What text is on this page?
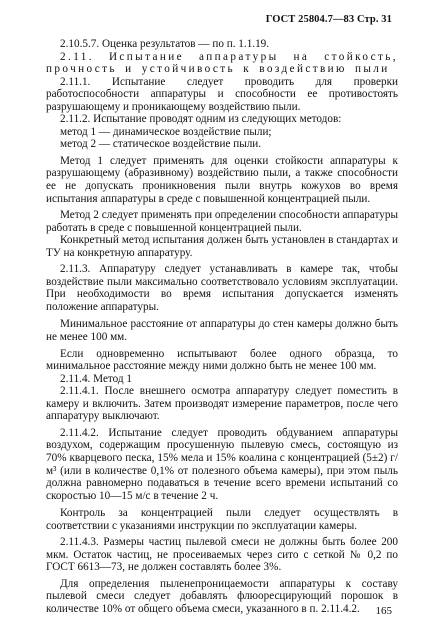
ГОСТ 25804.7—83 Стр. 31

2.10.5.7. Оценка результатов — по п. 1.1.19.

2.11. Испытание аппаратуры на стойкость, прочность и устойчивость к воздействию пыли

2.11.1. Испытание следует проводить для проверки работоспособности аппаратуры и способности ее противостоять разрушающему и проникающему воздействию пыли.

2.11.2. Испытание проводят одним из следующих методов:

метод 1 — динамическое воздействие пыли;

метод 2 — статическое воздействие пыли.

Метод 1 следует применять для оценки стойкости аппаратуры к разрушающему (абразивному) воздействию пыли, а также способности ее не допускать проникновения пыли внутрь кожухов во время испытания аппаратуры в среде с повышенной концентрацией пыли.

Метод 2 следует применять при определении способности аппаратуры работать в среде с повышенной концентрацией пыли.

Конкретный метод испытания должен быть установлен в стандартах и ТУ на конкретную аппаратуру.

2.11.3. Аппаратуру следует устанавливать в камере так, чтобы воздействие пыли максимально соответствовало условиям эксплуатации. При необходимости во время испытания допускается изменять положение аппаратуры.

Минимальное расстояние от аппаратуры до стен камеры должно быть не менее 100 мм.

Если одновременно испытывают более одного образца, то минимальное расстояние между ними должно быть не менее 100 мм.

2.11.4. Метод 1

2.11.4.1. После внешнего осмотра аппаратуру следует поместить в камеру и включить. Затем производят измерение параметров, после чего аппаратуру выключают.

2.11.4.2. Испытание следует проводить обдуванием аппаратуры воздухом, содержащим просушенную пылевую смесь, состоящую из 70% кварцевого песка, 15% мела и 15% коалина с концентрацией (5±2) г/м³ (или в количестве 0,1% от полезного объема камеры), при этом пыль должна равномерно подаваться в течение всего времени испытаний со скоростью 10—15 м/с в течение 2 ч.

Контроль за концентрацией пыли следует осуществлять в соответствии с указаниями инструкции по эксплуатации камеры.

2.11.4.3. Размеры частиц пылевой смеси не должны быть более 200 мкм. Остаток частиц, не просеиваемых через сито с сеткой № 0,2 по ГОСТ 6613—73, не должен составлять более 3%.

Для определения пыленепроницаемости аппаратуры к составу пылевой смеси следует добавлять флюоресцирующий порошок в количестве 10% от общего объема смеси, указанного в п. 2.11.4.2.	165
